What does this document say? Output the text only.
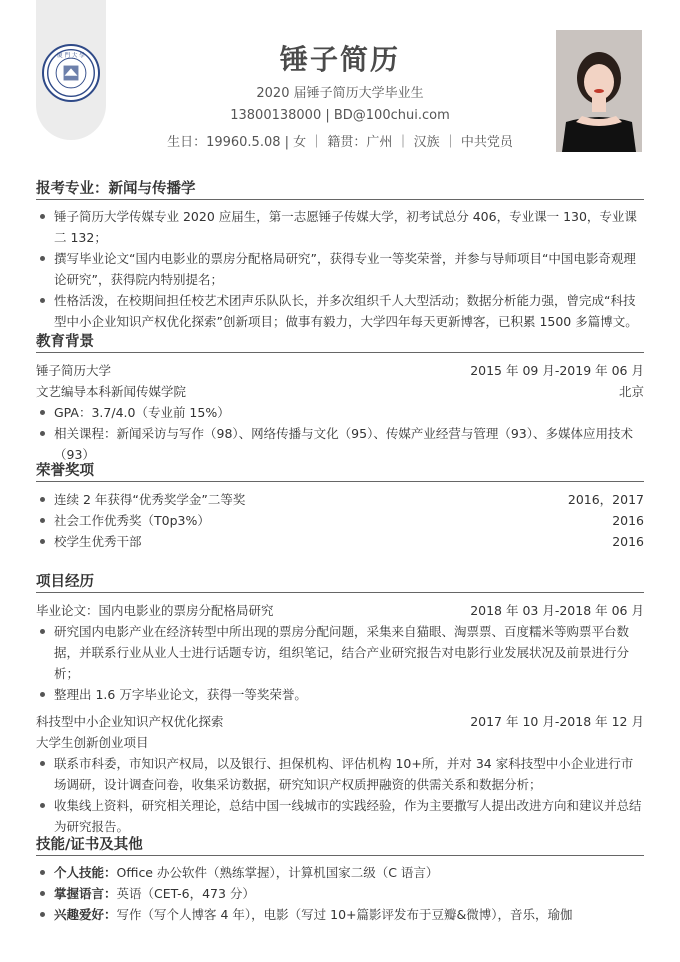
廈 門 大 學	锤子简历
2020 届锤子简历大学毕业生
13800138000 | BD@100chui.com
生日：19960.5.08 | 女 ｜ 籍贯：广州 ｜ 汉族 ｜ 中共党员
报考专业：新闻与传播学
锤子简历大学传媒专业 2020 应届生，第一志愿锤子传媒大学，初考试总分 406，专业课一 130，专业课二 132；
撰写毕业论文“国内电影业的票房分配格局研究”，获得专业一等奖荣誉，并参与导师项目“中国电影奇观理论研究”，获得院内特别提名；
性格活泼，在校期间担任校艺术团声乐队队长，并多次组织千人大型活动；数据分析能力强，曾完成“科技型中小企业知识产权优化探索”创新项目；做事有毅力，大学四年每天更新博客，已积累 1500 多篇博文。
教育背景
锤子简历大学	2015 年 09 月-2019 年 06 月
文艺编导本科新闻传媒学院	北京
GPA：3.7/4.0（专业前 15%）
相关课程：新闻采访与写作（98）、网络传播与文化（95）、传媒产业经营与管理（93）、多媒体应用技术（93）
荣誉奖项
连续 2 年获得“优秀奖学金”二等奖	2016，2017
社会工作优秀奖（T0p3%）	2016
校学生优秀干部	2016
项目经历
毕业论文：国内电影业的票房分配格局研究	2018 年 03 月-2018 年 06 月
研究国内电影产业在经济转型中所出现的票房分配问题，采集来自猫眼、淘票票、百度糯米等购票平台数据，并联系行业从业人士进行话题专访，组织笔记，结合产业研究报告对电影行业发展状况及前景进行分析；
整理出 1.6 万字毕业论文，获得一等奖荣誉。
科技型中小企业知识产权优化探索	2017 年 10 月-2018 年 12 月
大学生创新创业项目
联系市科委，市知识产权局，以及银行、担保机构、评估机构 10+所，并对 34 家科技型中小企业进行市场调研，设计调查问卷，收集采访数据，研究知识产权质押融资的供需关系和数据分析；
收集线上资料，研究相关理论，总结中国一线城市的实践经验，作为主要撒写人提出改进方向和建议并总结为研究报告。
技能/证书及其他
个人技能：Office 办公软件（熟练掌握），计算机国家二级（C 语言）
掌握语言：英语（CET-6，473 分）
兴趣爱好：写作（写个人博客 4 年），电影（写过 10+篇影评发布于豆瓣&微博），音乐，瑜伽
